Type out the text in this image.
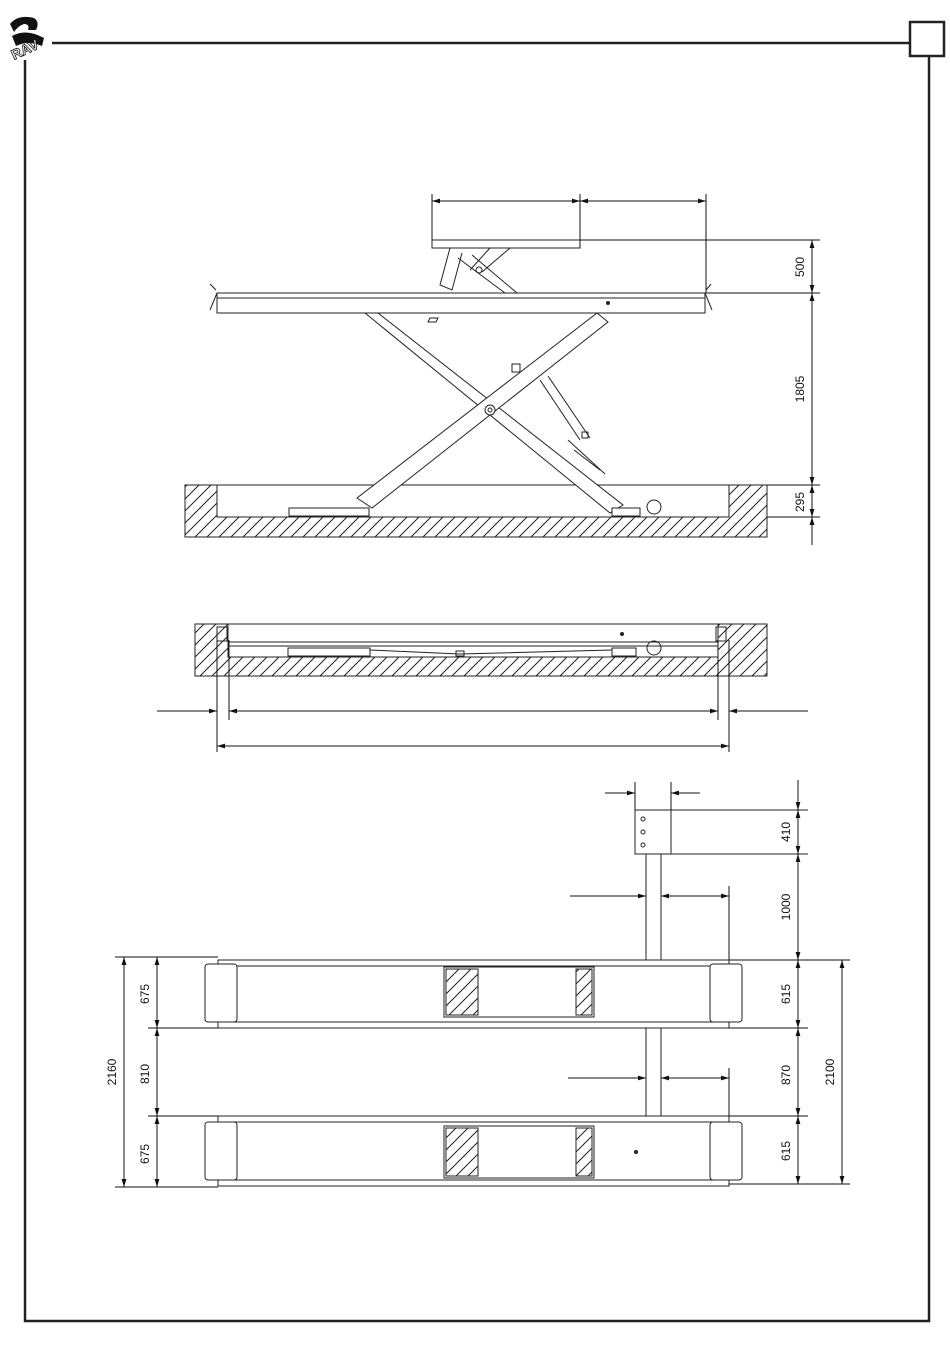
RAV
500
1805
295
2160
675
810
675
410
1000
615
870
615
2100
